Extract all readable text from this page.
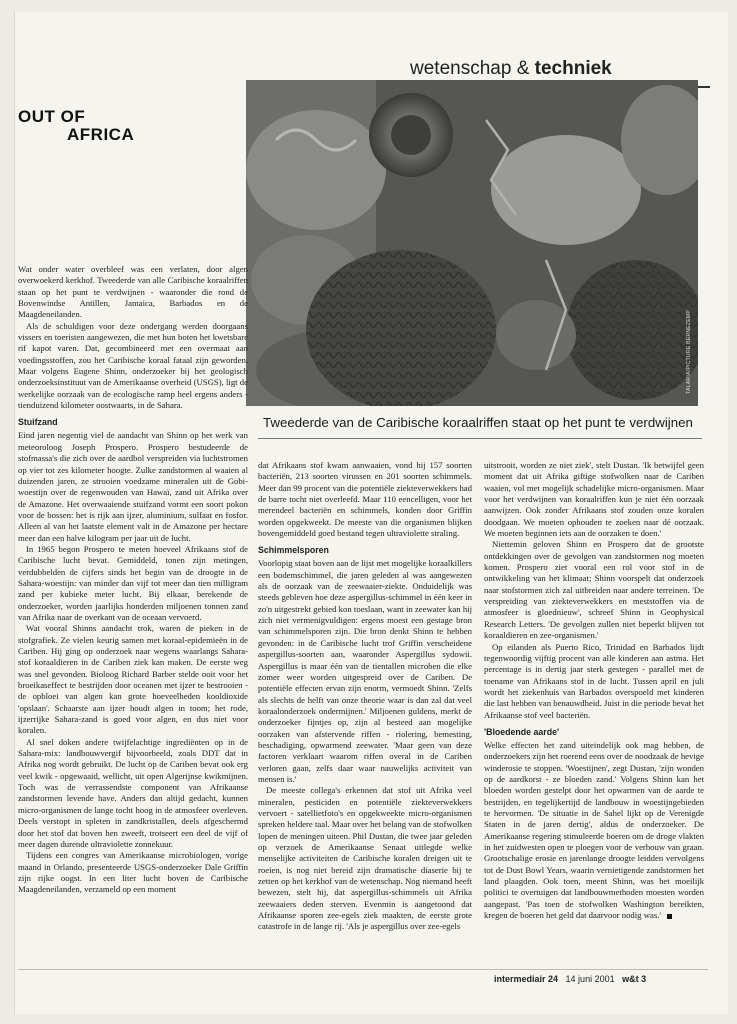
wetenschap & techniek
TALARIA/PICTURE BERNEZEMP
OUT OF
AFRICA
Tweederde van de Caribische koraalriffen staat op het punt te verdwijnen

Wat onder water overbleef was een verlaten, door algen overwoekerd kerkhof. Tweederde van alle Caribische koraalriffen staan op het punt te verdwijnen - waaronder die rond de Bovenwindse Antillen, Jamaica, Barbados en de Maagdeneilanden.

Als de schuldigen voor deze ondergang werden doorgaans vissers en toeristen aangewezen, die met hun boten het kwetsbare rif kapot varen. Dat, gecombineerd met een overmaat aan voedingsstoffen, zou het Caribische koraal fataal zijn geworden. Maar volgens Eugene Shinn, onderzoeker bij het geologisch onderzoeksinstituut van de Amerikaanse overheid (USGS), ligt de werkelijke oorzaak van de ecologische ramp heel ergens anders - tienduizend kilometer oostwaarts, in de Sahara.

Stuifzand

Eind jaren negentig viel de aandacht van Shinn op het werk van meteoroloog Joseph Prospero. Prospero bestudeerde de stofmassa's die zich over de aardbol verspreiden via luchtstromen op vier tot zes kilometer hoogte. Zulke zandstormen al waaien al duizenden jaren, ze strooien voedzame mineralen uit de Gobi-woestijn over de regenwouden van Hawaï, zand uit Afrika over de Amazone. Het overwaaiende stuifzand vormt een soort pokon voor de bossen: het is rijk aan ijzer, aluminium, sulfaat en fosfor. Alleen al van het laatste element valt in de Amazone per hectare meer dan een halve kilogram per jaar uit de lucht.

In 1965 begon Prospero te meten hoeveel Afrikaans stof de Caribische lucht bevat. Gemiddeld, tonen zijn metingen, verdubbelden de cijfers sinds het begin van de droogte in de Sahara-woestijn: van minder dan vijf tot meer dan tien milligram zand per kubieke meter lucht. Bij elkaar, berekende de onderzoeker, worden jaarlijks honderden miljoenen tonnen zand van Afrika naar de overkant van de oceaan vervoerd.

Wat vooral Shinns aandacht trok, waren de pieken in de stofgrafiek. Ze vielen keurig samen met koraal-epidemieën in de Cariben. Hij ging op onderzoek naar wegens waarlangs Sahara-stof koraaldieren in de Cariben ziek kan maken. De eerste weg was snel gevonden. Bioloog Richard Barber stelde ooit voor het broeikaseffect te bestrijden door oceanen met ijzer te bestrooien - de opbloei van algen kan grote hoeveelheden kooldioxide 'opslaan'. Schaarste aan ijzer houdt algen in toom; het rode, ijzerrijke Sahara-zand is goed voor algen, en dus niet voor koralen.

Al snel doken andere twijfelachtige ingrediënten op in de Sahara-mix: landbouwvergif bijvoorbeeld, zoals DDT dat in Afrika nog wordt gebruikt. De lucht op de Cariben bevat ook erg veel kwik - opgewaaid, wellicht, uit open Algerijnse kwikmijnen. Toch was de verrassendste component van Afrikaanse zandstormen levende have. Anders dan altijd gedacht, kunnen micro-organismen de lange tocht hoog in de atmosfeer overleven. Deels verstopt in spleten in zandkristallen, deels afgeschermd door het stof dat boven hen zweeft, trotseert een deel de vijf of meer dagen durende ultraviolette zonnekuur.

Tijdens een congres van Amerikaanse microbiologen, vorige maand in Orlando, presenteerde USGS-onderzoeker Dale Griffin zijn rijke oogst. In een liter lucht boven de Caribische Maagdeneilanden, verzameld op een moment

dat Afrikaans stof kwam aanwaaien, vond hij 157 soorten bacteriën, 213 soorten virussen en 201 soorten schimmels. Meer dan 99 procent van die potentiële ziekteverwekkers had de barre tocht niet overleefd. Maar 110 eencelligen, voor het merendeel bacteriën en schimmels, konden door Griffin worden opgekweekt. De meeste van die organismen blijken bovengemiddeld goed bestand tegen ultraviolette straling.

Schimmelsporen

Voorlopig staat boven aan de lijst met mogelijke koraalkillers een bodemschimmel, die jaren geleden al was aangewezen als de oorzaak van de zeewaaier-ziekte. Onduidelijk was steeds gebleven hoe deze aspergillus-schimmel in één keer in zo'n uitgestrekt gebied kon toeslaan, want in zeewater kan hij zich niet vermenigvuldigen: ergens moest een gestage bron van schimmelsporen zijn. Die bron denkt Shinn te hebben gevonden: in de Caribische lucht trof Griffin verscheidene aspergillus-soorten aan, waaronder Aspergillus sydowii. Aspergillus is maar één van de tientallen microben die elke zomer weer worden uitgespreid over de Cariben. De potentiële effecten ervan zijn enorm, vermoedt Shinn. 'Zelfs als slechts de helft van onze theorie waar is dan zal dat veel koraalonderzoek ondermijnen.' Miljoenen guldens, merkt de onderzoeker fijntjes op, zijn al besteed aan mogelijke oorzaken van afstervende riffen - riolering, bemesting, beschadiging, opwarmend zeewater. 'Maar geen van deze factoren verklaart waarom riffen overal in de Cariben verloren gaan, zelfs daar waar nauwelijks activiteit van mensen is.'

De meeste collega's erkennen dat stof uit Afrika veel mineralen, pesticiden en potentiële ziekteverwekkers vervoert - satellietfoto's en opgekweekte micro-organismen spreken heldere taal. Maar over het belang van de stofwolken lopen de meningen uiteen. Phil Dustan, die twee jaar geleden op verzoek de Amerikaanse Senaat uitlegde welke menselijke activiteiten de Caribische koralen dreigen uit te roeien, is nog niet bereid zijn dramatische diaserie bij te zetten op het kerkhof van de wetenschap. Nog niemand heeft bewezen, stelt hij, dat aspergillus-schimmels uit Afrika zeewaaiers deden sterven. Evenmin is aangetoond dat Afrikaanse sporen zee-egels ziek maakten, de eerste grote catastrofe in de lange rij. 'Als je aspergillus over zee-egels

uitstrooit, worden ze niet ziek', stelt Dustan. 'Ik betwijfel geen moment dat uit Afrika giftige stofwolken naar de Cariben waaien, vol met mogelijk schadelijke micro-organismen. Maar voor het verdwijnen van koraalriffen kun je niet één oorzaak aanwijzen. Ook zonder Afrikaans stof zouden onze koralen doodgaan. We moeten ophouden te zoeken naar dé oorzaak. We moeten beginnen iets aan de oorzaken te doen.'

Niettemin geloven Shinn en Prospero dat de grootste ontdekkingen over de gevolgen van zandstormen nog moeten komen. Prospero ziet vooral een rol voor stof in de ontwikkeling van het klimaat; Shinn voorspelt dat onderzoek naar stofstormen zich zal uitbreiden naar andere terreinen. 'De verspreiding van ziekteverwekkers en meststoffen via de atmosfeer is gloednieuw', schreef Shinn in Geophysical Research Letters. 'De gevolgen zullen niet beperkt blijven tot koraaldieren en zee-organismen.'

Op eilanden als Puerto Rico, Trinidad en Barbados lijdt tegenwoordig vijftig procent van alle kinderen aan astma. Het percentage is in dertig jaar sterk gestegen - parallel met de toename van Afrikaans stof in de lucht. Tussen april en juli wordt het ziekenhuis van Barbados overspoeld met kinderen die last hebben van benauwdheid. Juist in die periode bevat het Afrikaanse stof veel bacteriën.

'Bloedende aarde'

Welke effecten het zand uiteindelijk ook mag hebben, de onderzoekers zijn het roerend eens over de noodzaak de hevige winderosie te stoppen. 'Woestijnen', zegt Dustan, 'zijn wonden op de aardkorst - ze bloeden zand.' Volgens Shinn kan het bloeden worden gestelpt door het opwarmen van de aarde te bestrijden, en tegelijkertijd de landbouw in woestijngebieden te hervormen. 'De situatie in de Sahel lijkt op de Verenigde Staten in de jaren dertig', aldus de onderzoeker. De Amerikaanse regering stimuleerde boeren om de droge vlakten in het zuidwesten open te ploegen voor de verbouw van graan. Grootschalige erosie en jarenlange droogte leidden vervolgens tot de Dust Bowl Years, waarin vernietigende zandstormen het land plaagden. Ook toen, meent Shinn, was het moeilijk politici te overtuigen dat landbouwmethoden moesten worden aangepast. 'Pas toen de stofwolken Washington bereikten, kregen de boeren het geld dat daarvoor nodig was.'

intermediair 24 14 juni 2001 w&t 3
